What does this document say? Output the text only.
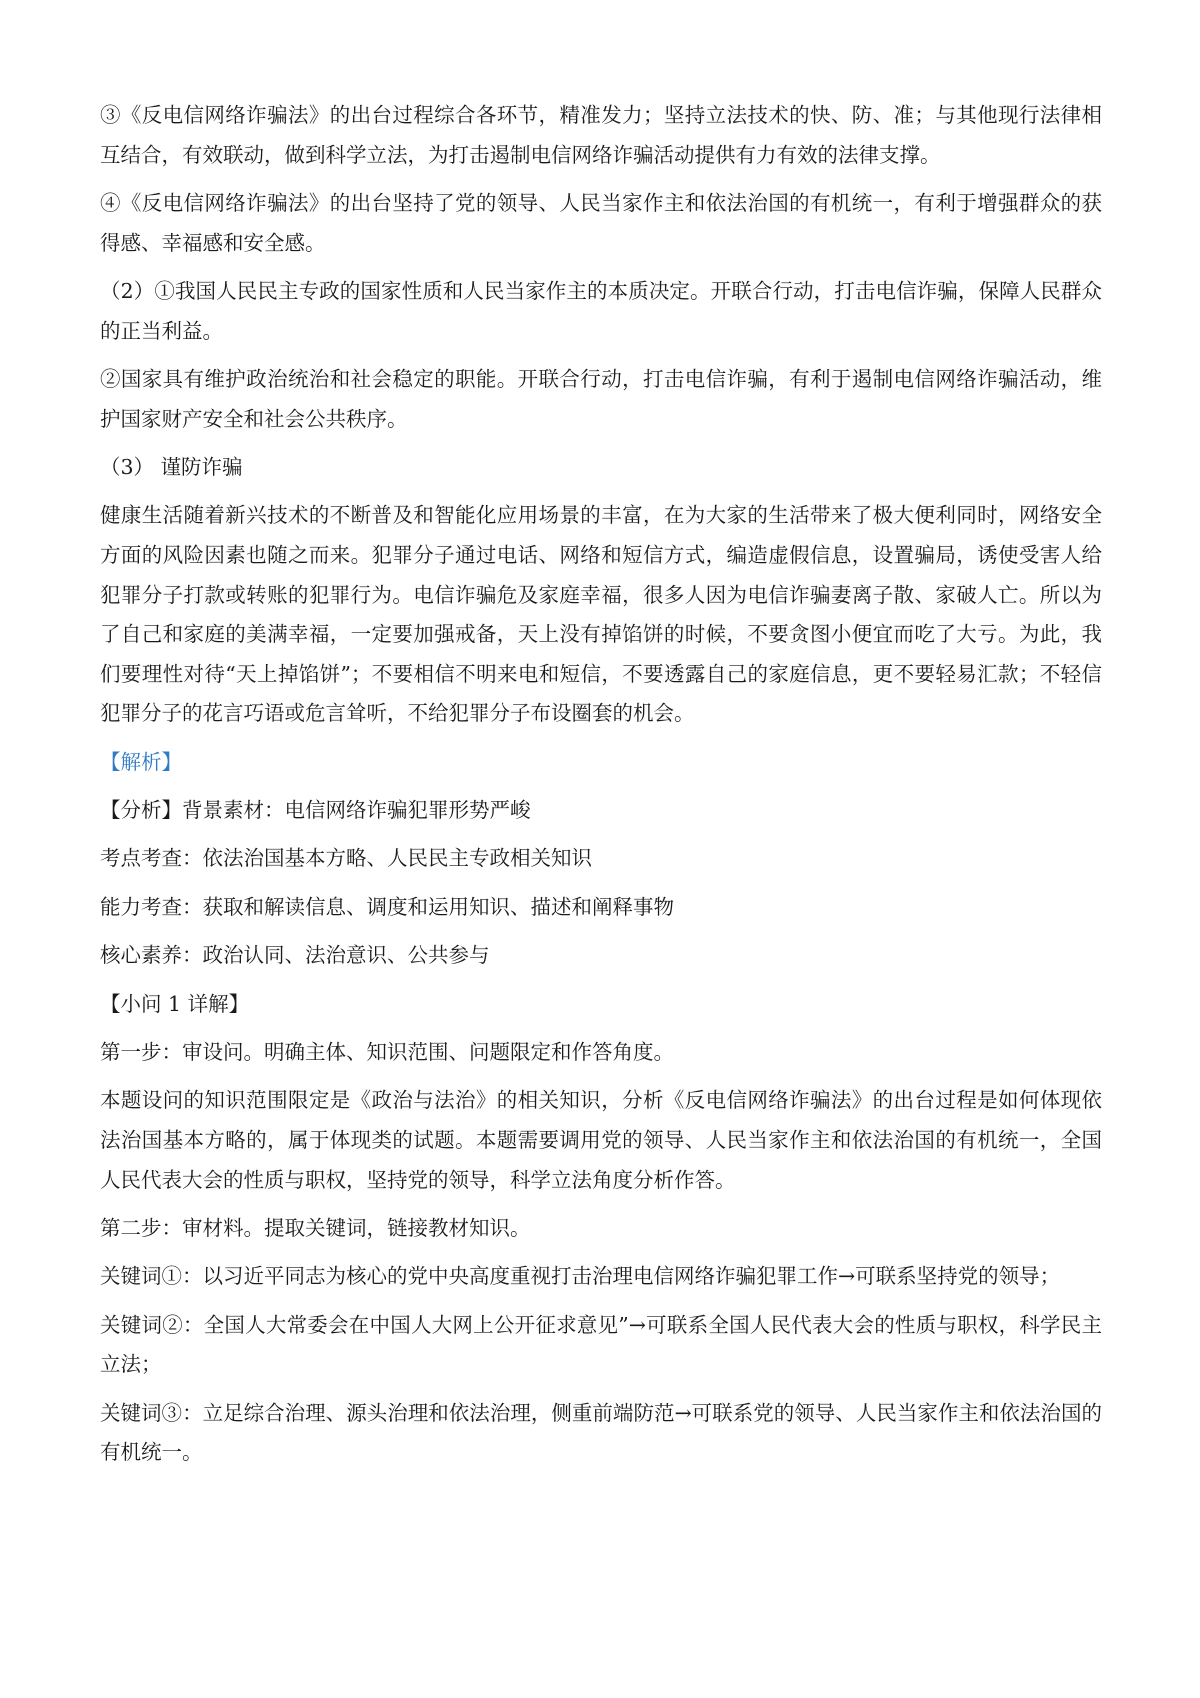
③《反电信网络诈骗法》的出台过程综合各环节，精准发力；坚持立法技术的快、防、准；与其他现行法律相互结合，有效联动，做到科学立法，为打击遏制电信网络诈骗活动提供有力有效的法律支撑。

④《反电信网络诈骗法》的出台坚持了党的领导、人民当家作主和依法治国的有机统一，有利于增强群众的获得感、幸福感和安全感。

（2）①我国人民民主专政的国家性质和人民当家作主的本质决定。开联合行动，打击电信诈骗，保障人民群众的正当利益。

②国家具有维护政治统治和社会稳定的职能。开联合行动，打击电信诈骗，有利于遏制电信网络诈骗活动，维护国家财产安全和社会公共秩序。

（3） 谨防诈骗

健康生活随着新兴技术的不断普及和智能化应用场景的丰富，在为大家的生活带来了极大便利同时，网络安全方面的风险因素也随之而来。犯罪分子通过电话、网络和短信方式，编造虚假信息，设置骗局，诱使受害人给犯罪分子打款或转账的犯罪行为。电信诈骗危及家庭幸福，很多人因为电信诈骗妻离子散、家破人亡。所以为了自己和家庭的美满幸福，一定要加强戒备，天上没有掉馅饼的时候，不要贪图小便宜而吃了大亏。为此，我们要理性对待“天上掉馅饼”；不要相信不明来电和短信，不要透露自己的家庭信息，更不要轻易汇款；不轻信犯罪分子的花言巧语或危言耸听，不给犯罪分子布设圈套的机会。

【解析】

【分析】背景素材：电信网络诈骗犯罪形势严峻

考点考查：依法治国基本方略、人民民主专政相关知识

能力考查：获取和解读信息、调度和运用知识、描述和阐释事物

核心素养：政治认同、法治意识、公共参与

【小问 1 详解】

第一步：审设问。明确主体、知识范围、问题限定和作答角度。

本题设问的知识范围限定是《政治与法治》的相关知识，分析《反电信网络诈骗法》的出台过程是如何体现依法治国基本方略的，属于体现类的试题。本题需要调用党的领导、人民当家作主和依法治国的有机统一，全国人民代表大会的性质与职权，坚持党的领导，科学立法角度分析作答。

第二步：审材料。提取关键词，链接教材知识。

关键词①：以习近平同志为核心的党中央高度重视打击治理电信网络诈骗犯罪工作→可联系坚持党的领导；

关键词②：全国人大常委会在中国人大网上公开征求意见”→可联系全国人民代表大会的性质与职权，科学民主立法；

关键词③：立足综合治理、源头治理和依法治理，侧重前端防范→可联系党的领导、人民当家作主和依法治国的有机统一。
